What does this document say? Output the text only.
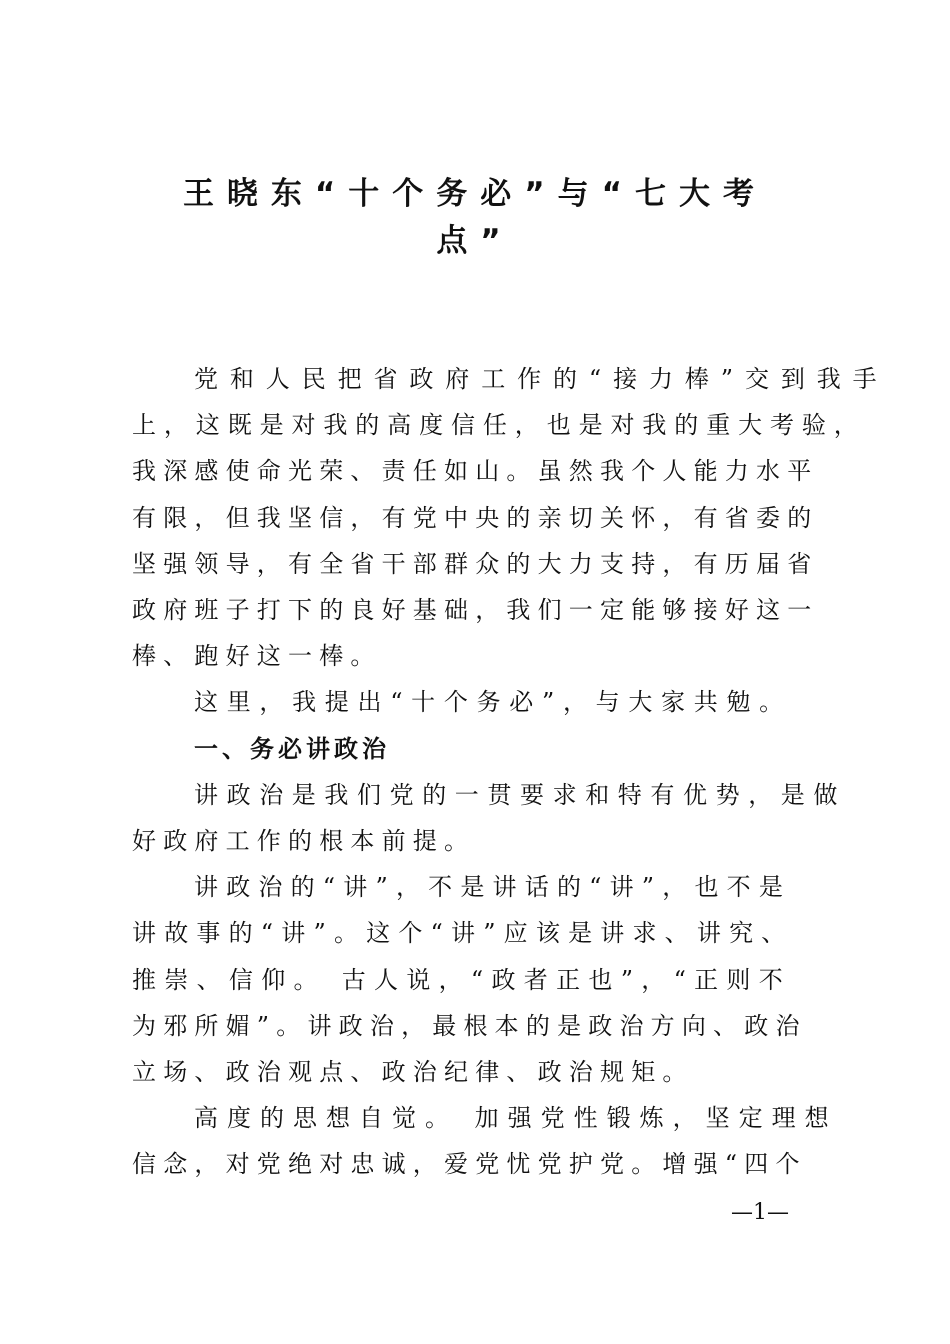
王晓东“十个务必”与“七大考
点”
党和人民把省政府工作的“接力棒”交到我手
上，这既是对我的高度信任，也是对我的重大考验，
我深感使命光荣、责任如山。虽然我个人能力水平
有限，但我坚信，有党中央的亲切关怀，有省委的
坚强领导，有全省干部群众的大力支持，有历届省
政府班子打下的良好基础，我们一定能够接好这一
棒、跑好这一棒。
这里，我提出“十个务必”，与大家共勉。
一、务必讲政治
讲政治是我们党的一贯要求和特有优势，是做
好政府工作的根本前提。
讲政治的“讲”，不是讲话的“讲”，也不是
讲故事的“讲”。这个“讲”应该是讲求、讲究、
推崇、信仰。 古人说，“政者正也”，“正则不
为邪所媚”。讲政治，最根本的是政治方向、政治
立场、政治观点、政治纪律、政治规矩。
高度的思想自觉。 加强党性锻炼，坚定理想
信念，对党绝对忠诚，爱党忧党护党。增强“四个
—1—
